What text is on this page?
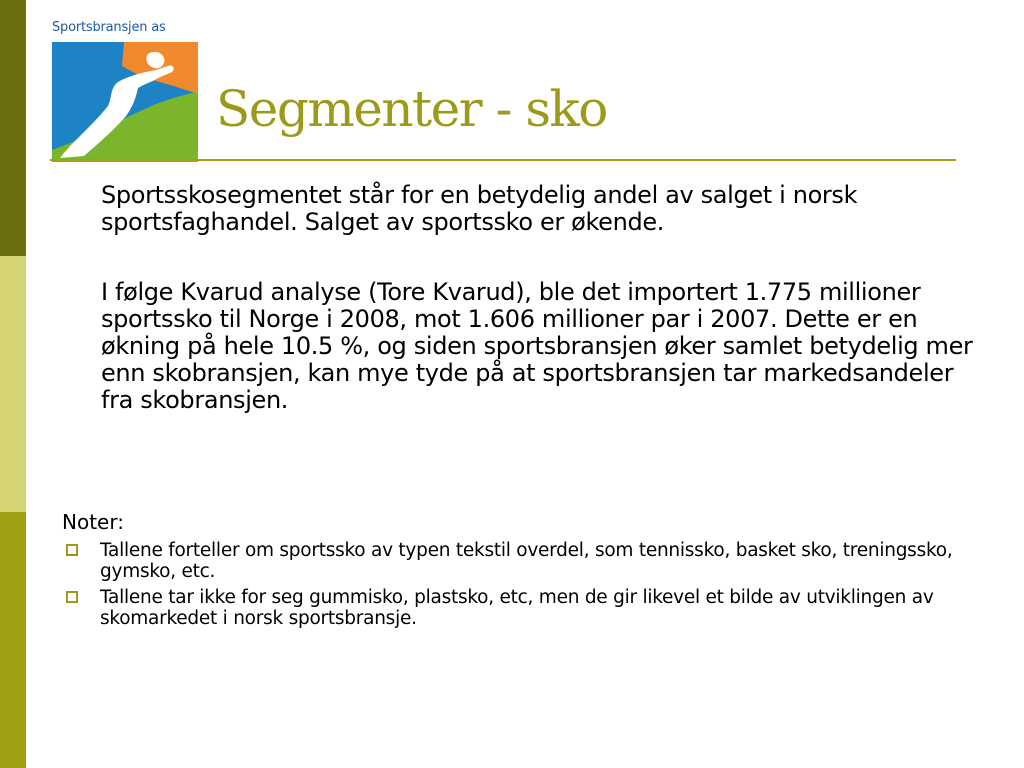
Sportsbransjen as
Segmenter - sko

Sportsskosegmentet står for en betydelig andel av salget i norsk sportsfaghandel. Salget av sportssko er økende.

I følge Kvarud analyse (Tore Kvarud), ble det importert 1.775 millioner sportssko til Norge i 2008, mot 1.606 millioner par i 2007. Dette er en økning på hele 10.5 %, og siden sportsbransjen øker samlet betydelig mer enn skobransjen, kan mye tyde på at sportsbransjen tar markedsandeler fra skobransjen.

Noter:

Tallene forteller om sportssko av typen tekstil overdel, som tennissko, basket sko, treningssko, gymsko, etc.
Tallene tar ikke for seg gummisko, plastsko, etc, men de gir likevel et bilde av utviklingen av skomarkedet i norsk sportsbransje.
